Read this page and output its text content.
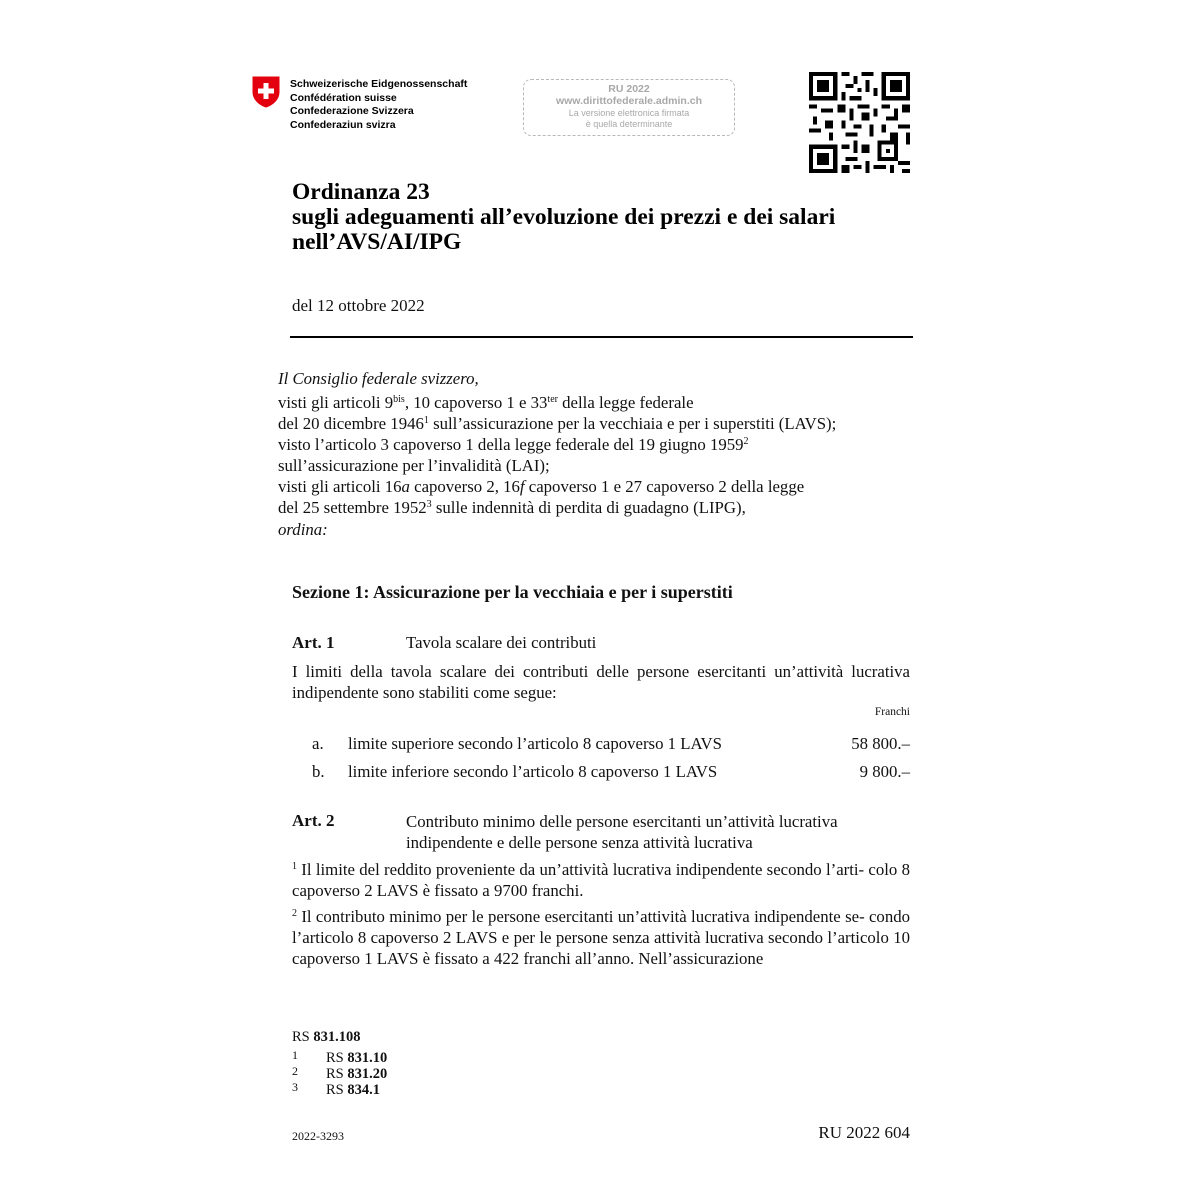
Schweizerische Eidgenossenschaft
Confédération suisse
Confederazione Svizzera
Confederaziun svizra
RU 2022
www.dirittofederale.admin.ch
La versione elettronica firmata
è quella determinante
Ordinanza 23
sugli adeguamenti all’evoluzione dei prezzi e dei salari
nell’AVS/AI/IPG
del 12 ottobre 2022
Il Consiglio federale svizzero,
visti gli articoli $9^{bis}$, 10 capoverso 1 e $33^{ter}$ della legge federale
del 20 dicembre 1946$^1$ sull’assicurazione per la vecchiaia e per i superstiti (LAVS);
visto l’articolo 3 capoverso 1 della legge federale del 19 giugno 1959$^2$
sull’assicurazione per l’invalidità (LAI);
visti gli articoli 16a capoverso 2, 16f capoverso 1 e 27 capoverso 2 della legge
del 25 settembre 1952$^3$ sulle indennità di perdita di guadagno (LIPG),
ordina:
Sezione 1: Assicurazione per la vecchiaia e per i superstiti
Art. 1	Tavola scalare dei contributi
I limiti della tavola scalare dei contributi delle persone esercitanti un’attività lucrativa indipendente sono stabiliti come segue:
Franchi
a. limite superiore secondo l’articolo 8 capoverso 1 LAVS	58 800.–
b. limite inferiore secondo l’articolo 8 capoverso 1 LAVS	9 800.–
Art. 2	Contributo minimo delle persone esercitanti un’attività lucrativa
indipendente e delle persone senza attività lucrativa
$^1$ Il limite del reddito proveniente da un’attività lucrativa indipendente secondo l’arti- colo 8 capoverso 2 LAVS è fissato a 9700 franchi.
$^2$ Il contributo minimo per le persone esercitanti un’attività lucrativa indipendente se- condo l’articolo 8 capoverso 2 LAVS e per le persone senza attività lucrativa secondo l’articolo 10 capoverso 1 LAVS è fissato a 422 franchi all’anno. Nell’assicurazione
RS 831.108
1 RS 831.10
2 RS 831.20
3 RS 834.1
2022-3293	RU 2022 604
